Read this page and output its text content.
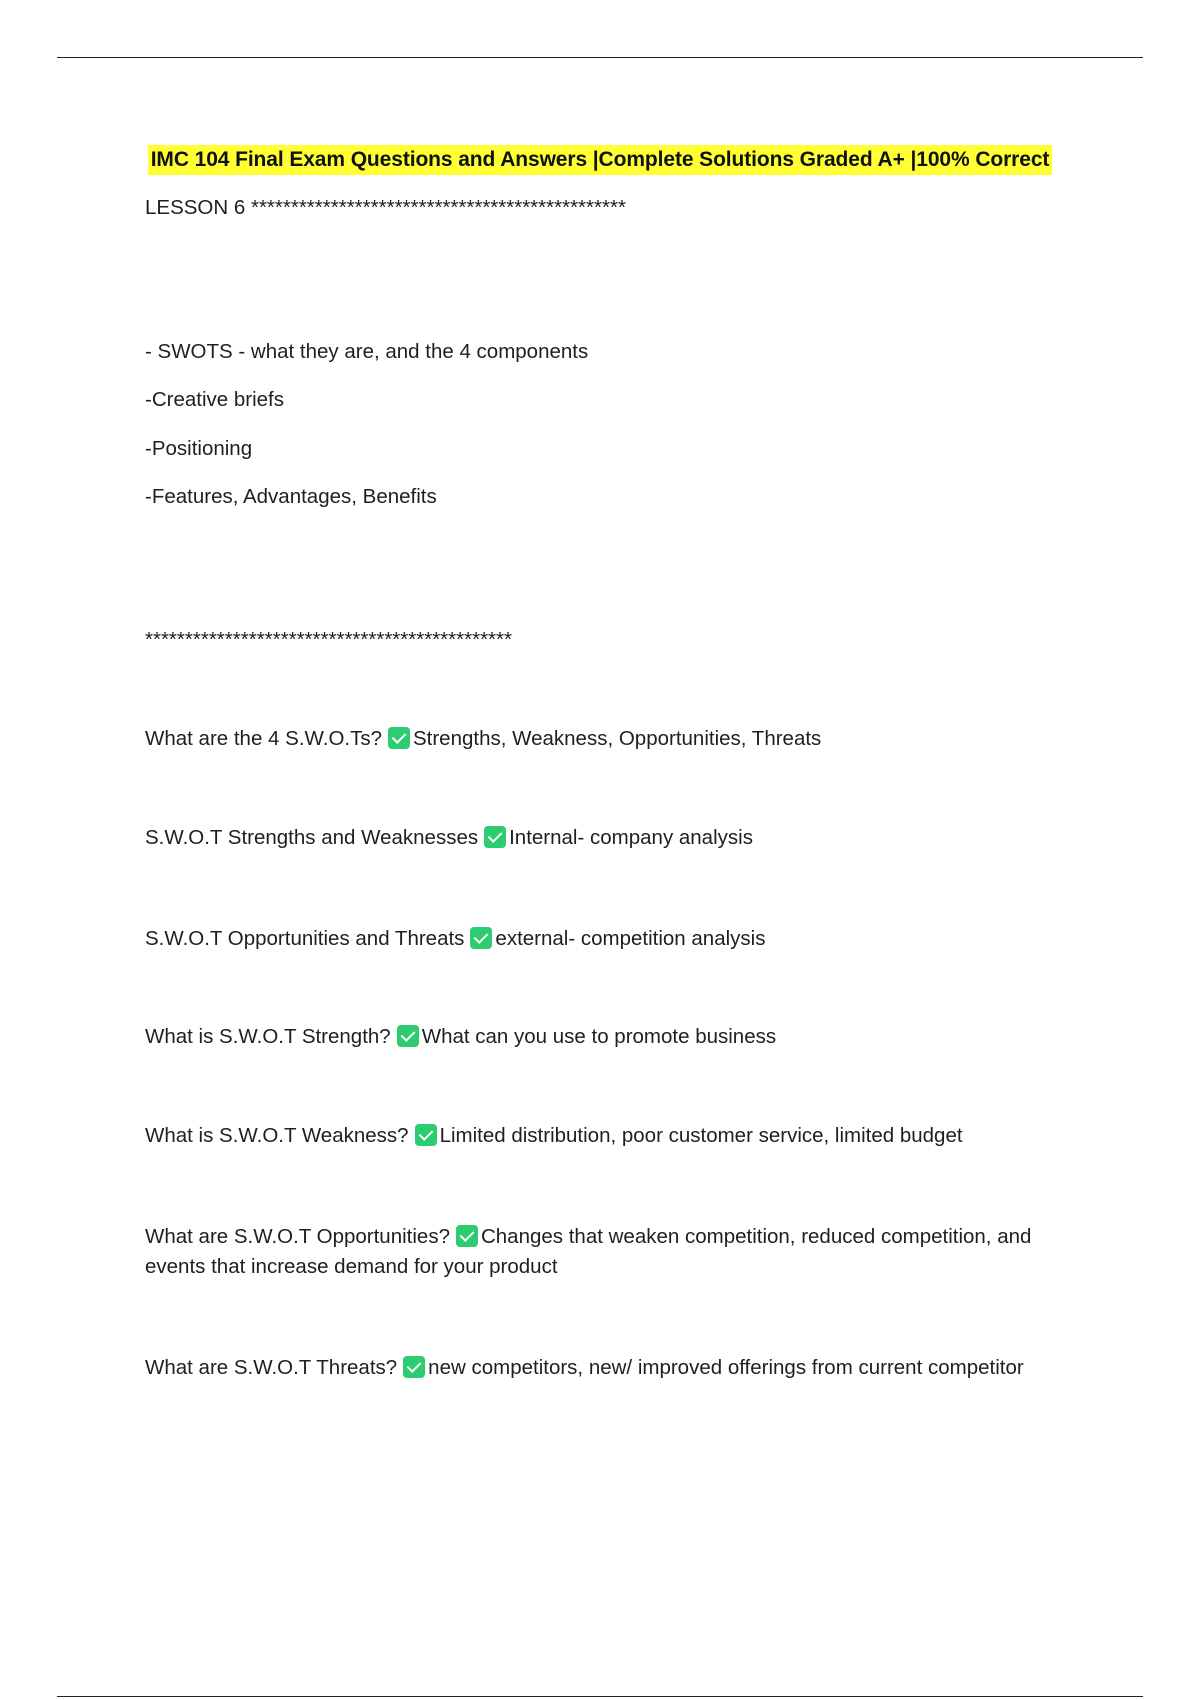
IMC 104 Final Exam Questions and Answers |Complete Solutions Graded A+ |100% Correct
LESSON 6 ***********************************************
- SWOTS - what they are, and the 4 components
-Creative briefs
-Positioning
-Features, Advantages, Benefits
**********************************************
What are the 4 S.W.O.Ts? Strengths, Weakness, Opportunities, Threats
S.W.O.T Strengths and Weaknesses Internal- company analysis
S.W.O.T Opportunities and Threats external- competition analysis
What is S.W.O.T Strength? What can you use to promote business
What is S.W.O.T Weakness? Limited distribution, poor customer service, limited budget
What are S.W.O.T Opportunities? Changes that weaken competition, reduced competition, and events that increase demand for your product
What are S.W.O.T Threats? new competitors, new/ improved offerings from current competitor
